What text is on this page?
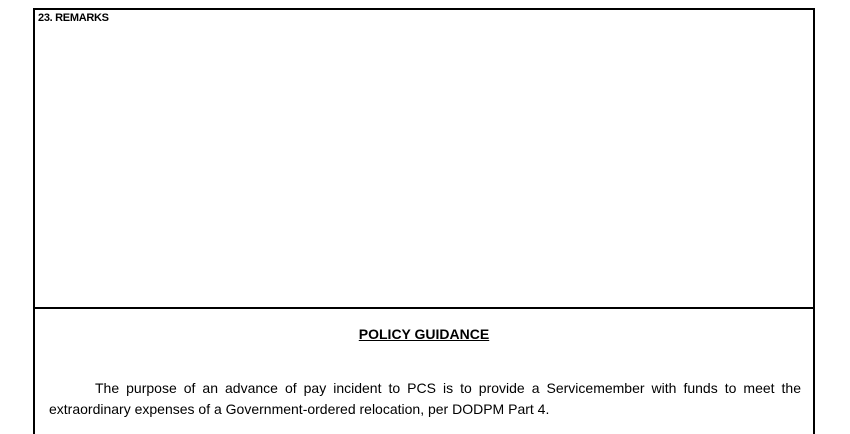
23. REMARKS
POLICY GUIDANCE

The purpose of an advance of pay incident to PCS is to provide a Servicemember with funds to meet the extraordinary expenses of a Government-ordered relocation, per DODPM Part 4.
